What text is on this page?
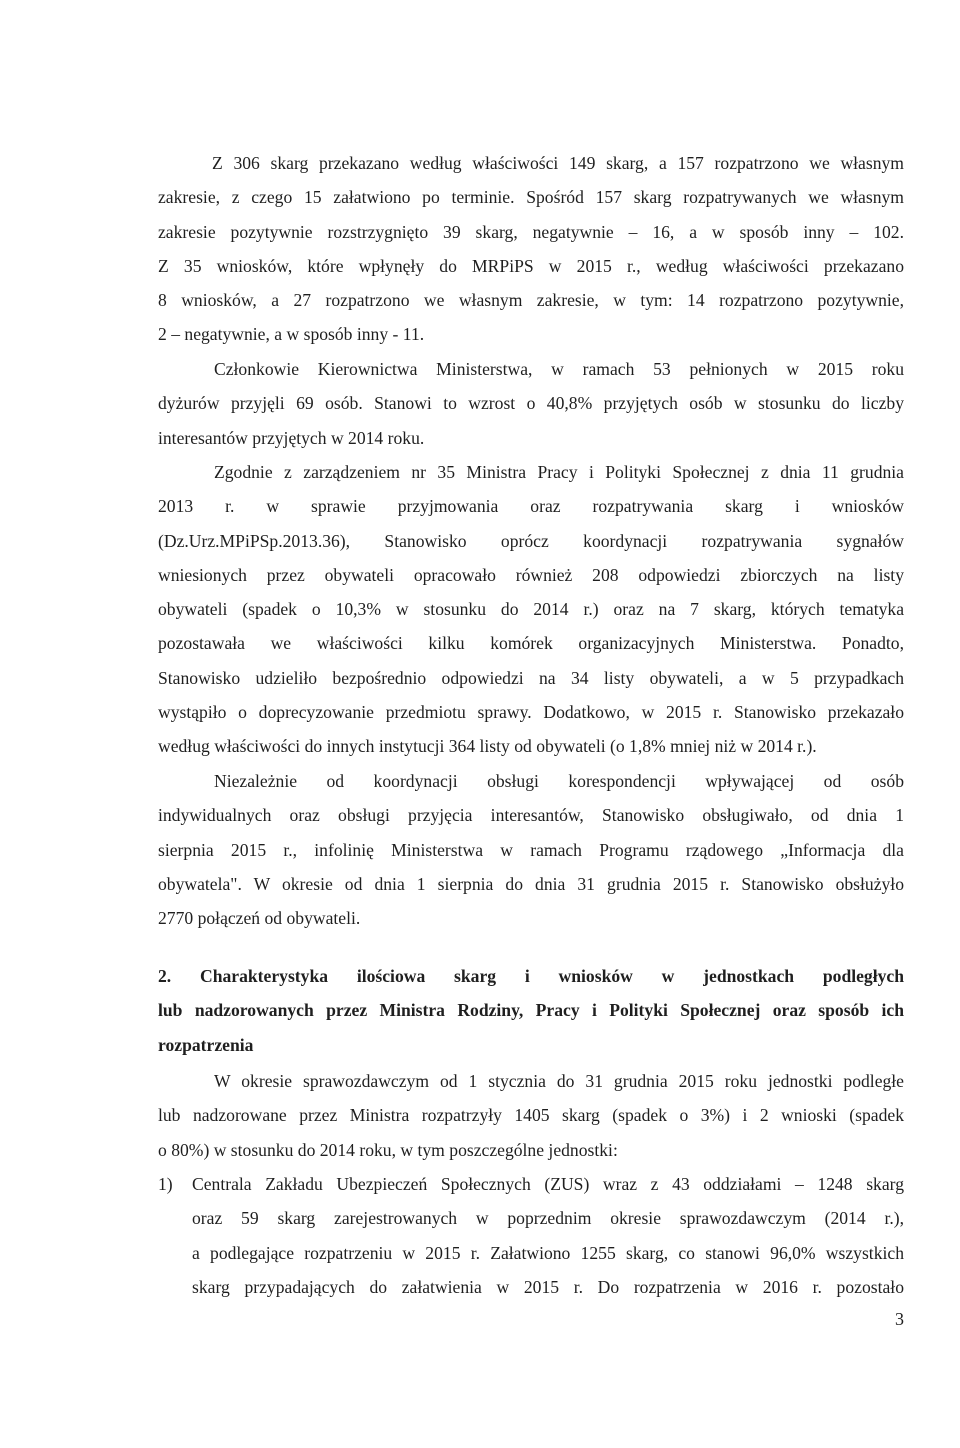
Z 306 skarg przekazano według właściwości 149 skarg, a 157 rozpatrzono we własnym
zakresie, z czego 15 załatwiono po terminie. Spośród 157 skarg rozpatrywanych we własnym
zakresie pozytywnie rozstrzygnięto 39 skarg, negatywnie – 16, a w sposób inny – 102.
Z 35 wniosków, które wpłynęły do MRPiPS w 2015 r., według właściwości przekazano
8 wniosków, a 27 rozpatrzono we własnym zakresie, w tym: 14 rozpatrzono pozytywnie,
2 – negatywnie, a w sposób inny - 11.
Członkowie Kierownictwa Ministerstwa, w ramach 53 pełnionych w 2015 roku
dyżurów przyjęli 69 osób. Stanowi to wzrost o 40,8% przyjętych osób w stosunku do liczby
interesantów przyjętych w 2014 roku.
Zgodnie z zarządzeniem nr 35 Ministra Pracy i Polityki Społecznej z dnia 11 grudnia
2013 r. w sprawie przyjmowania oraz rozpatrywania skarg i wniosków
(Dz.Urz.MPiPSp.2013.36), Stanowisko oprócz koordynacji rozpatrywania sygnałów
wniesionych przez obywateli opracowało również 208 odpowiedzi zbiorczych na listy
obywateli (spadek o 10,3% w stosunku do 2014 r.) oraz na 7 skarg, których tematyka
pozostawała we właściwości kilku komórek organizacyjnych Ministerstwa. Ponadto,
Stanowisko udzieliło bezpośrednio odpowiedzi na 34 listy obywateli, a w 5 przypadkach
wystąpiło o doprecyzowanie przedmiotu sprawy. Dodatkowo, w 2015 r. Stanowisko przekazało
według właściwości do innych instytucji 364 listy od obywateli (o 1,8% mniej niż w 2014 r.).
Niezależnie od koordynacji obsługi korespondencji wpływającej od osób
indywidualnych oraz obsługi przyjęcia interesantów, Stanowisko obsługiwało, od dnia 1
sierpnia 2015 r., infolinię Ministerstwa w ramach Programu rządowego „Informacja dla
obywatela". W okresie od dnia 1 sierpnia do dnia 31 grudnia 2015 r. Stanowisko obsłużyło
2770 połączeń od obywateli.
2. Charakterystyka ilościowa skarg i wniosków w jednostkach podległych
lub nadzorowanych przez Ministra Rodziny, Pracy i Polityki Społecznej oraz sposób ich
rozpatrzenia
W okresie sprawozdawczym od 1 stycznia do 31 grudnia 2015 roku jednostki podległe
lub nadzorowane przez Ministra rozpatrzyły 1405 skarg (spadek o 3%) i 2 wnioski (spadek
o 80%) w stosunku do 2014 roku, w tym poszczególne jednostki:
1) Centrala Zakładu Ubezpieczeń Społecznych (ZUS) wraz z 43 oddziałami – 1248 skarg
oraz 59 skarg zarejestrowanych w poprzednim okresie sprawozdawczym (2014 r.),
a podlegające rozpatrzeniu w 2015 r. Załatwiono 1255 skarg, co stanowi 96,0% wszystkich
skarg przypadających do załatwienia w 2015 r. Do rozpatrzenia w 2016 r. pozostało
3
